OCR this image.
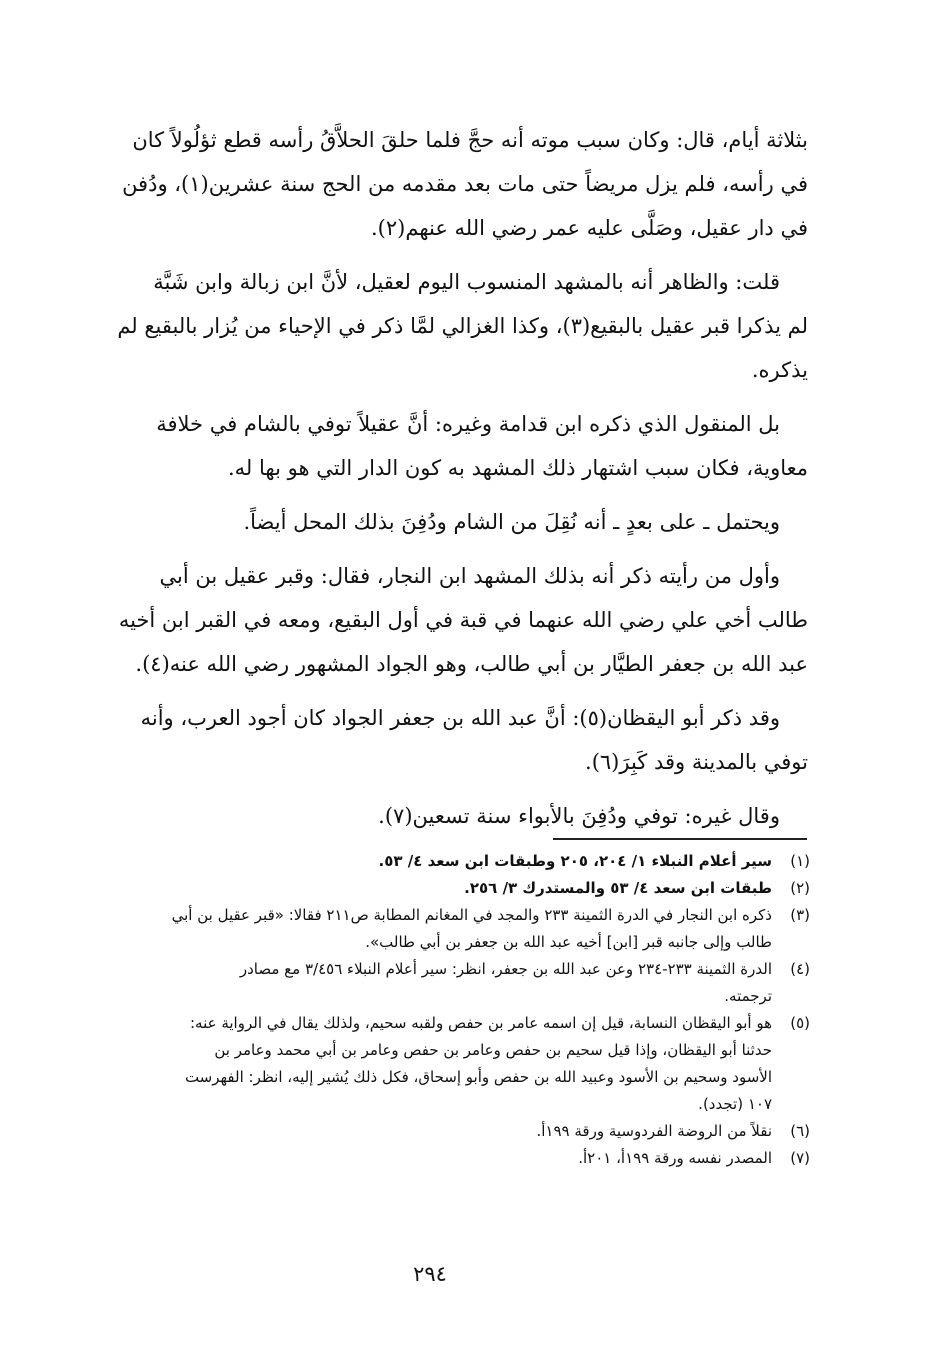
بثلاثة أيام، قال: وكان سبب موته أنه حجَّ فلما حلقَ الحلاَّقُ رأسه قطع ثؤلُولاً كان
في رأسه، فلم يزل مريضاً حتى مات بعد مقدمه من الحج سنة عشرين(١)، ودُفن
في دار عقيل، وصَلَّى عليه عمر رضي الله عنهم(٢).

قلت: والظاهر أنه بالمشهد المنسوب اليوم لعقيل، لأنَّ ابن زبالة وابن شَبَّة
لم يذكرا قبر عقيل بالبقيع(٣)، وكذا الغزالي لمَّا ذكر في الإحياء من يُزار بالبقيع لم
يذكره.

بل المنقول الذي ذكره ابن قدامة وغيره: أنَّ عقيلاً توفي بالشام في خلافة
معاوية، فكان سبب اشتهار ذلك المشهد به كون الدار التي هو بها له.

ويحتمل ـ على بعدٍ ـ أنه نُقِلَ من الشام ودُفِنَ بذلك المحل أيضاً.

وأول من رأيته ذكر أنه بذلك المشهد ابن النجار، فقال: وقبر عقيل بن أبي
طالب أخي علي رضي الله عنهما في قبة في أول البقيع، ومعه في القبر ابن أخيه
عبد الله بن جعفر الطيَّار بن أبي طالب، وهو الجواد المشهور رضي الله عنه(٤).

وقد ذكر أبو اليقظان(٥): أنَّ عبد الله بن جعفر الجواد كان أجود العرب، وأنه
توفي بالمدينة وقد كَبِرَ(٦).

وقال غيره: توفي ودُفِنَ بالأبواء سنة تسعين(٧).

(١)
سير أعلام النبلاء ١/ ٢٠٤، ٢٠٥ وطبقات ابن سعد ٤/ ٥٣.
(٢)
طبقات ابن سعد ٤/ ٥٣ والمستدرك ٣/ ٢٥٦.
(٣)
ذكره ابن النجار في الدرة الثمينة ٢٣٣ والمجد في المغانم المطابة ص٢١١ فقالا: «قبر عقيل بن أبي
طالب وإلى جانبه قبر [ابن] أخيه عبد الله بن جعفر بن أبي طالب».
(٤)
الدرة الثمينة ٢٣٣-٢٣٤ وعن عبد الله بن جعفر، انظر: سير أعلام النبلاء ٣/٤٥٦ مع مصادر
ترجمته.
(٥)
هو أبو اليقظان النسابة، قيل إن اسمه عامر بن حفص ولقبه سحيم، ولذلك يقال في الرواية عنه:
حدثنا أبو اليقظان، وإذا قيل سحيم بن حفص وعامر بن حفص وعامر بن أبي محمد وعامر بن
الأسود وسحيم بن الأسود وعبيد الله بن حفص وأبو إسحاق، فكل ذلك يُشير إليه، انظر: الفهرست
١٠٧ (تجدد).
(٦)
نقلاً من الروضة الفردوسية ورقة ١٩٩أ.
(٧)
المصدر نفسه ورقة ١٩٩أ، ٢٠١أ.
٢٩٤
